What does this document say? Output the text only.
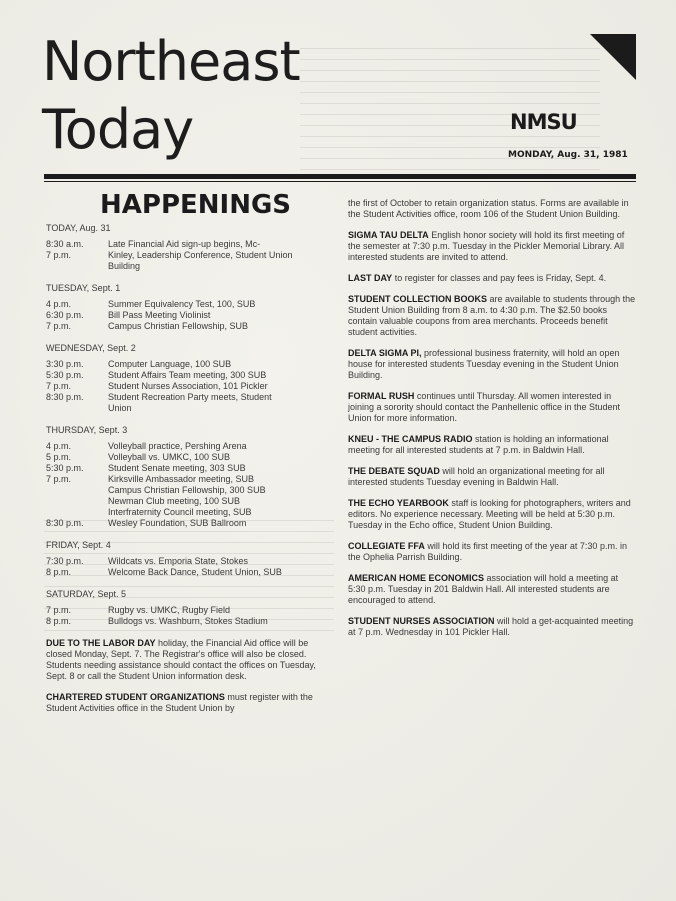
Northeast
Today	NMSU
MONDAY, Aug. 31, 1981
HAPPENINGS
TODAY, Aug. 31
8:30 a.m.	Late Financial Aid sign-up begins, Mc-
7 p.m.	Kinley, Leadership Conference, Student Union
Building
TUESDAY, Sept. 1
4 p.m.	Summer Equivalency Test, 100, SUB
6:30 p.m.	Bill Pass Meeting Violinist
7 p.m.	Campus Christian Fellowship, SUB
WEDNESDAY, Sept. 2
3:30 p.m.	Computer Language, 100 SUB
5:30 p.m.	Student Affairs Team meeting, 300 SUB
7 p.m.	Student Nurses Association, 101 Pickler
8:30 p.m.	Student Recreation Party meets, Student
Union
THURSDAY, Sept. 3
4 p.m.	Volleyball practice, Pershing Arena
5 p.m.	Volleyball vs. UMKC, 100 SUB
5:30 p.m.	Student Senate meeting, 303 SUB
7 p.m.	Kirksville Ambassador meeting, SUB
Campus Christian Fellowship, 300 SUB
Newman Club meeting, 100 SUB
Interfraternity Council meeting, SUB
8:30 p.m.	Wesley Foundation, SUB Ballroom
FRIDAY, Sept. 4
7:30 p.m.	Wildcats vs. Emporia State, Stokes
8 p.m.	Welcome Back Dance, Student Union, SUB
SATURDAY, Sept. 5
7 p.m.	Rugby vs. UMKC, Rugby Field
8 p.m.	Bulldogs vs. Washburn, Stokes Stadium

DUE TO THE LABOR DAY holiday, the Financial Aid office will be closed Monday, Sept. 7. The Registrar's office will also be closed. Students needing assistance should contact the offices on Tuesday, Sept. 8 or call the Student Union information desk.

CHARTERED STUDENT ORGANIZATIONS must register with the Student Activities office in the Student Union by

the first of October to retain organization status. Forms are available in the Student Activities office, room 106 of the Student Union Building.

SIGMA TAU DELTA English honor society will hold its first meeting of the semester at 7:30 p.m. Tuesday in the Pickler Memorial Library. All interested students are invited to attend.

LAST DAY to register for classes and pay fees is Friday, Sept. 4.

STUDENT COLLECTION BOOKS are available to students through the Student Union Building from 8 a.m. to 4:30 p.m. The $2.50 books contain valuable coupons from area merchants. Proceeds benefit student activities.

DELTA SIGMA PI, professional business fraternity, will hold an open house for interested students Tuesday evening in the Student Union Building.

FORMAL RUSH continues until Thursday. All women interested in joining a sorority should contact the Panhellenic office in the Student Union for more information.

KNEU - THE CAMPUS RADIO station is holding an informational meeting for all interested students at 7 p.m. in Baldwin Hall.

THE DEBATE SQUAD will hold an organizational meeting for all interested students Tuesday evening in Baldwin Hall.

THE ECHO YEARBOOK staff is looking for photographers, writers and editors. No experience necessary. Meeting will be held at 5:30 p.m. Tuesday in the Echo office, Student Union Building.

COLLEGIATE FFA will hold its first meeting of the year at 7:30 p.m. in the Ophelia Parrish Building.

AMERICAN HOME ECONOMICS association will hold a meeting at 5:30 p.m. Tuesday in 201 Baldwin Hall. All interested students are encouraged to attend.

STUDENT NURSES ASSOCIATION will hold a get-acquainted meeting at 7 p.m. Wednesday in 101 Pickler Hall.
